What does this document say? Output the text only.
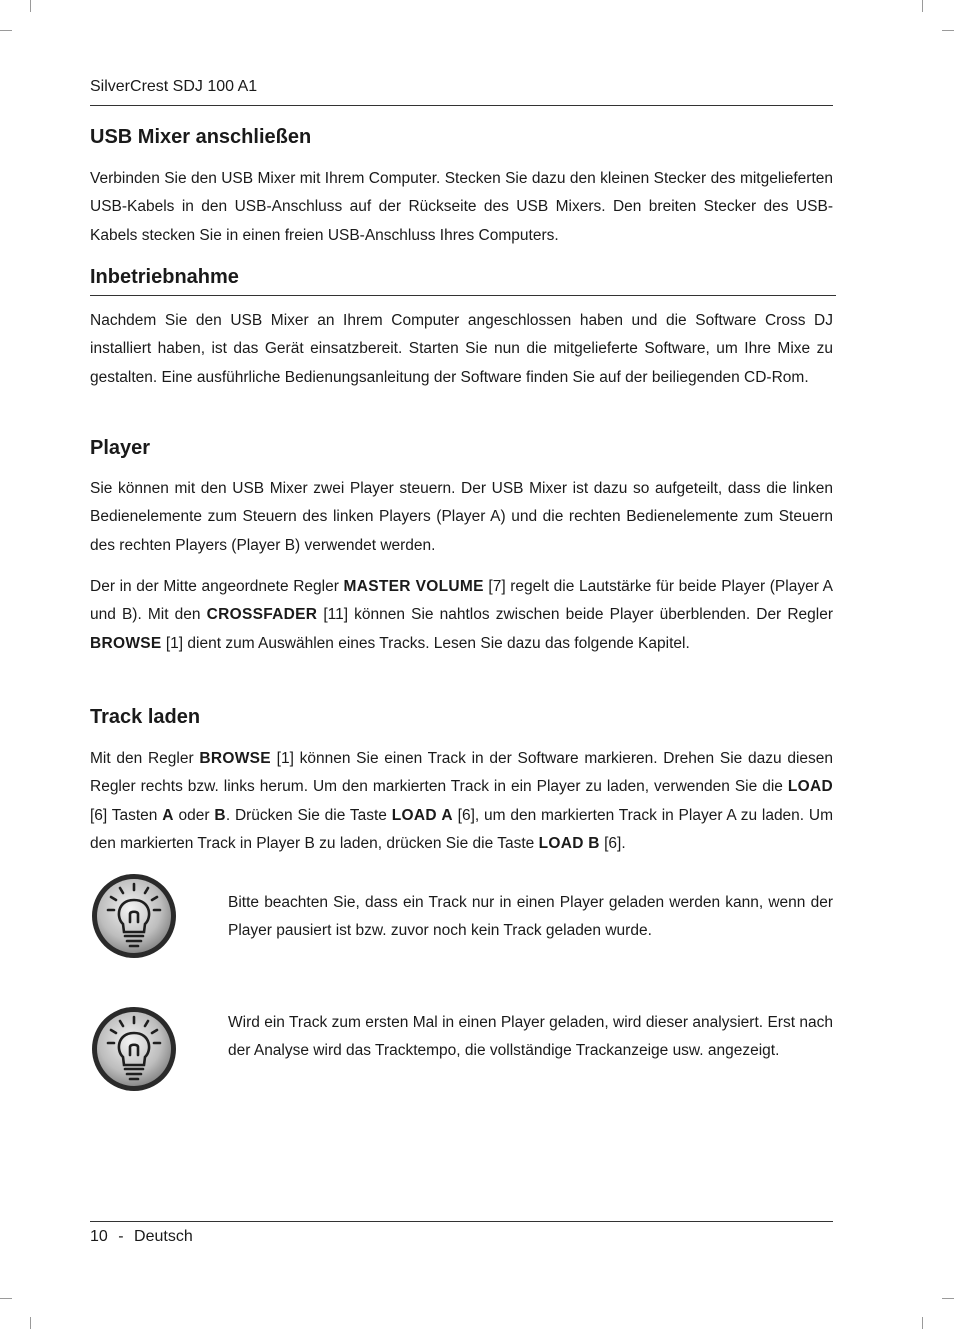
SilverCrest SDJ 100 A1
USB Mixer anschließen

Verbinden Sie den USB Mixer mit Ihrem Computer. Stecken Sie dazu den kleinen Stecker des mitgelieferten USB-Kabels in den USB-Anschluss auf der Rückseite des USB Mixers. Den breiten Stecker des USB-Kabels stecken Sie in einen freien USB-Anschluss Ihres Computers.

Inbetriebnahme

Nachdem Sie den USB Mixer an Ihrem Computer angeschlossen haben und die Software Cross DJ installiert haben, ist das Gerät einsatzbereit. Starten Sie nun die mitgelieferte Software, um Ihre Mixe zu gestalten. Eine ausführliche Bedienungsanleitung der Software finden Sie auf der beiliegenden CD-Rom.

Player

Sie können mit den USB Mixer zwei Player steuern. Der USB Mixer ist dazu so aufgeteilt, dass die linken Bedienelemente zum Steuern des linken Players (Player A) und die rechten Bedienelemente zum Steuern des rechten Players (Player B) verwendet werden.

Der in der Mitte angeordnete Regler MASTER VOLUME [7] regelt die Lautstärke für beide Player (Player A und B). Mit den CROSSFADER [11] können Sie nahtlos zwischen beide Player überblenden. Der Regler BROWSE [1] dient zum Auswählen eines Tracks. Lesen Sie dazu das folgende Kapitel.

Track laden

Mit den Regler BROWSE [1] können Sie einen Track in der Software markieren. Drehen Sie dazu diesen Regler rechts bzw. links herum. Um den markierten Track in ein Player zu laden, verwenden Sie die LOAD [6] Tasten A oder B. Drücken Sie die Taste LOAD A [6], um den markierten Track in Player A zu laden. Um den markierten Track in Player B zu laden, drücken Sie die Taste LOAD B [6].

Bitte beachten Sie, dass ein Track nur in einen Player geladen werden kann, wenn der Player pausiert ist bzw. zuvor noch kein Track geladen wurde.

Wird ein Track zum ersten Mal in einen Player geladen, wird dieser analysiert. Erst nach der Analyse wird das Tracktempo, die vollständige Trackanzeige usw. angezeigt.

10 - Deutsch
